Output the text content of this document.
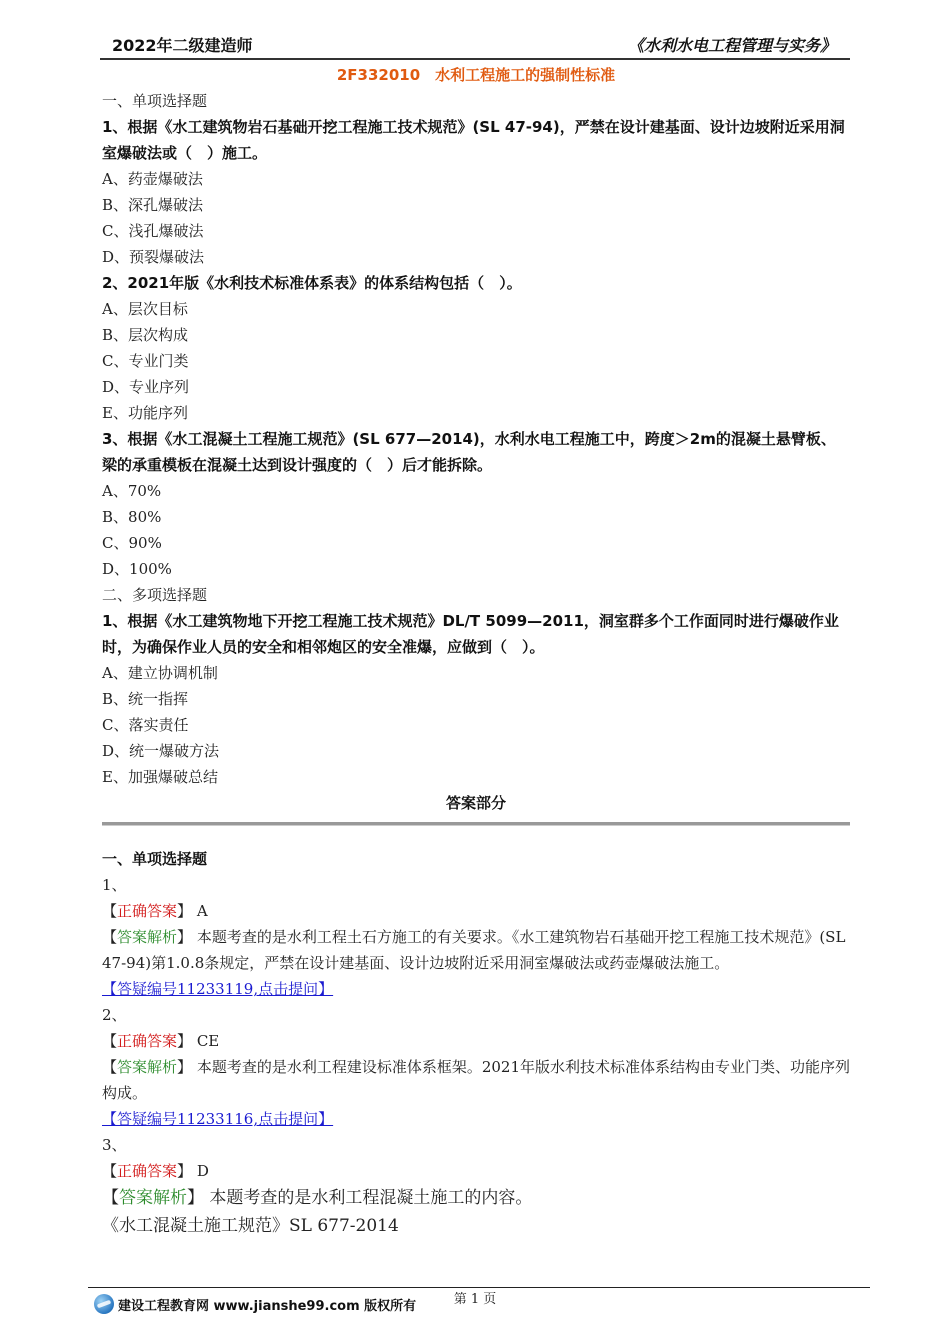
2022年二级建造师	《水利水电工程管理与实务》
2F332010　水利工程施工的强制性标准
一、单项选择题
1、根据《水工建筑物岩石基础开挖工程施工技术规范》(SL 47-94)，严禁在设计建基面、设计边坡附近采用洞室爆破法或（　）施工。
A、药壶爆破法
B、深孔爆破法
C、浅孔爆破法
D、预裂爆破法
2、2021年版《水利技术标准体系表》的体系结构包括（　）。
A、层次目标
B、层次构成
C、专业门类
D、专业序列
E、功能序列
3、根据《水工混凝土工程施工规范》(SL 677—2014)，水利水电工程施工中，跨度＞2m的混凝土悬臂板、梁的承重模板在混凝土达到设计强度的（　）后才能拆除。
A、70%
B、80%
C、90%
D、100%
二、多项选择题
1、根据《水工建筑物地下开挖工程施工技术规范》DL/T 5099—2011，洞室群多个工作面同时进行爆破作业时，为确保作业人员的安全和相邻炮区的安全准爆，应做到（　）。
A、建立协调机制
B、统一指挥
C、落实责任
D、统一爆破方法
E、加强爆破总结
答案部分
一、单项选择题
1、
【正确答案】 A
【答案解析】 本题考查的是水利工程土石方施工的有关要求。《水工建筑物岩石基础开挖工程施工技术规范》(SL 47-94)第1.0.8条规定，严禁在设计建基面、设计边坡附近采用洞室爆破法或药壶爆破法施工。
【答疑编号11233119,点击提问】
2、
【正确答案】 CE
【答案解析】 本题考查的是水利工程建设标准体系框架。2021年版水利技术标准体系结构由专业门类、功能序列构成。
【答疑编号11233116,点击提问】
3、
【正确答案】 D
【答案解析】 本题考查的是水利工程混凝土施工的内容。
《水工混凝土施工规范》SL 677-2014
第 1 页
建设工程教育网 www.jianshe99.com 版权所有
